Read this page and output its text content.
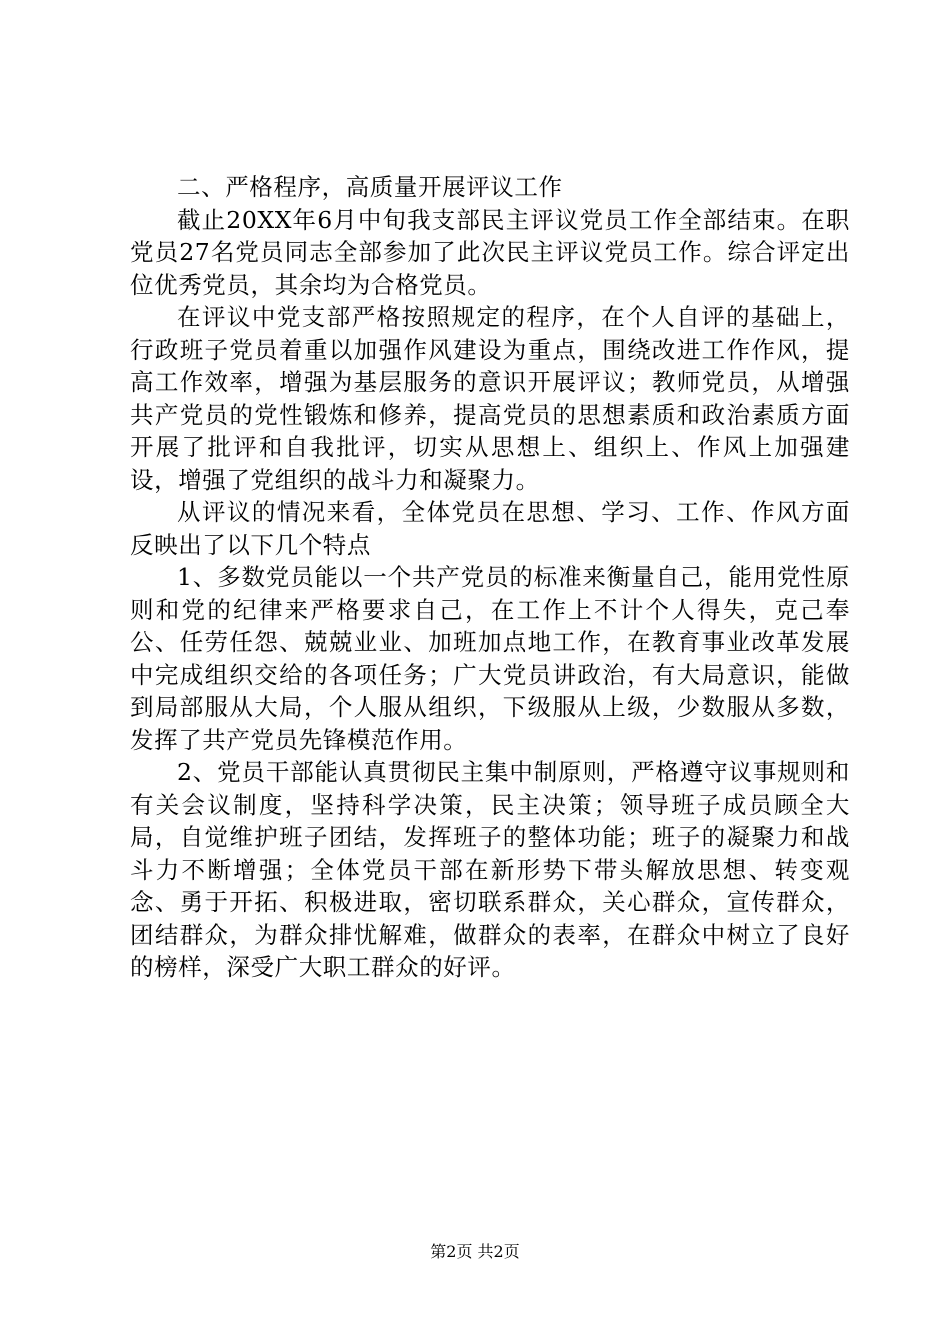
二、严格程序，高质量开展评议工作

截止20XX年6月中旬我支部民主评议党员工作全部结束。在职党员27名党员同志全部参加了此次民主评议党员工作。综合评定出位优秀党员，其余均为合格党员。

在评议中党支部严格按照规定的程序，在个人自评的基础上，行政班子党员着重以加强作风建设为重点，围绕改进工作作风，提高工作效率，增强为基层服务的意识开展评议；教师党员，从增强共产党员的党性锻炼和修养，提高党员的思想素质和政治素质方面开展了批评和自我批评，切实从思想上、组织上、作风上加强建设，增强了党组织的战斗力和凝聚力。

从评议的情况来看，全体党员在思想、学习、工作、作风方面反映出了以下几个特点

1、多数党员能以一个共产党员的标准来衡量自己，能用党性原则和党的纪律来严格要求自己，在工作上不计个人得失，克己奉公、任劳任怨、兢兢业业、加班加点地工作，在教育事业改革发展中完成组织交给的各项任务；广大党员讲政治，有大局意识，能做到局部服从大局，个人服从组织，下级服从上级，少数服从多数，发挥了共产党员先锋模范作用。

2、党员干部能认真贯彻民主集中制原则，严格遵守议事规则和有关会议制度，坚持科学决策，民主决策；领导班子成员顾全大局，自觉维护班子团结，发挥班子的整体功能；班子的凝聚力和战斗力不断增强；全体党员干部在新形势下带头解放思想、转变观念、勇于开拓、积极进取，密切联系群众，关心群众，宣传群众，团结群众，为群众排忧解难，做群众的表率，在群众中树立了良好的榜样，深受广大职工群众的好评。

第2页 共2页
